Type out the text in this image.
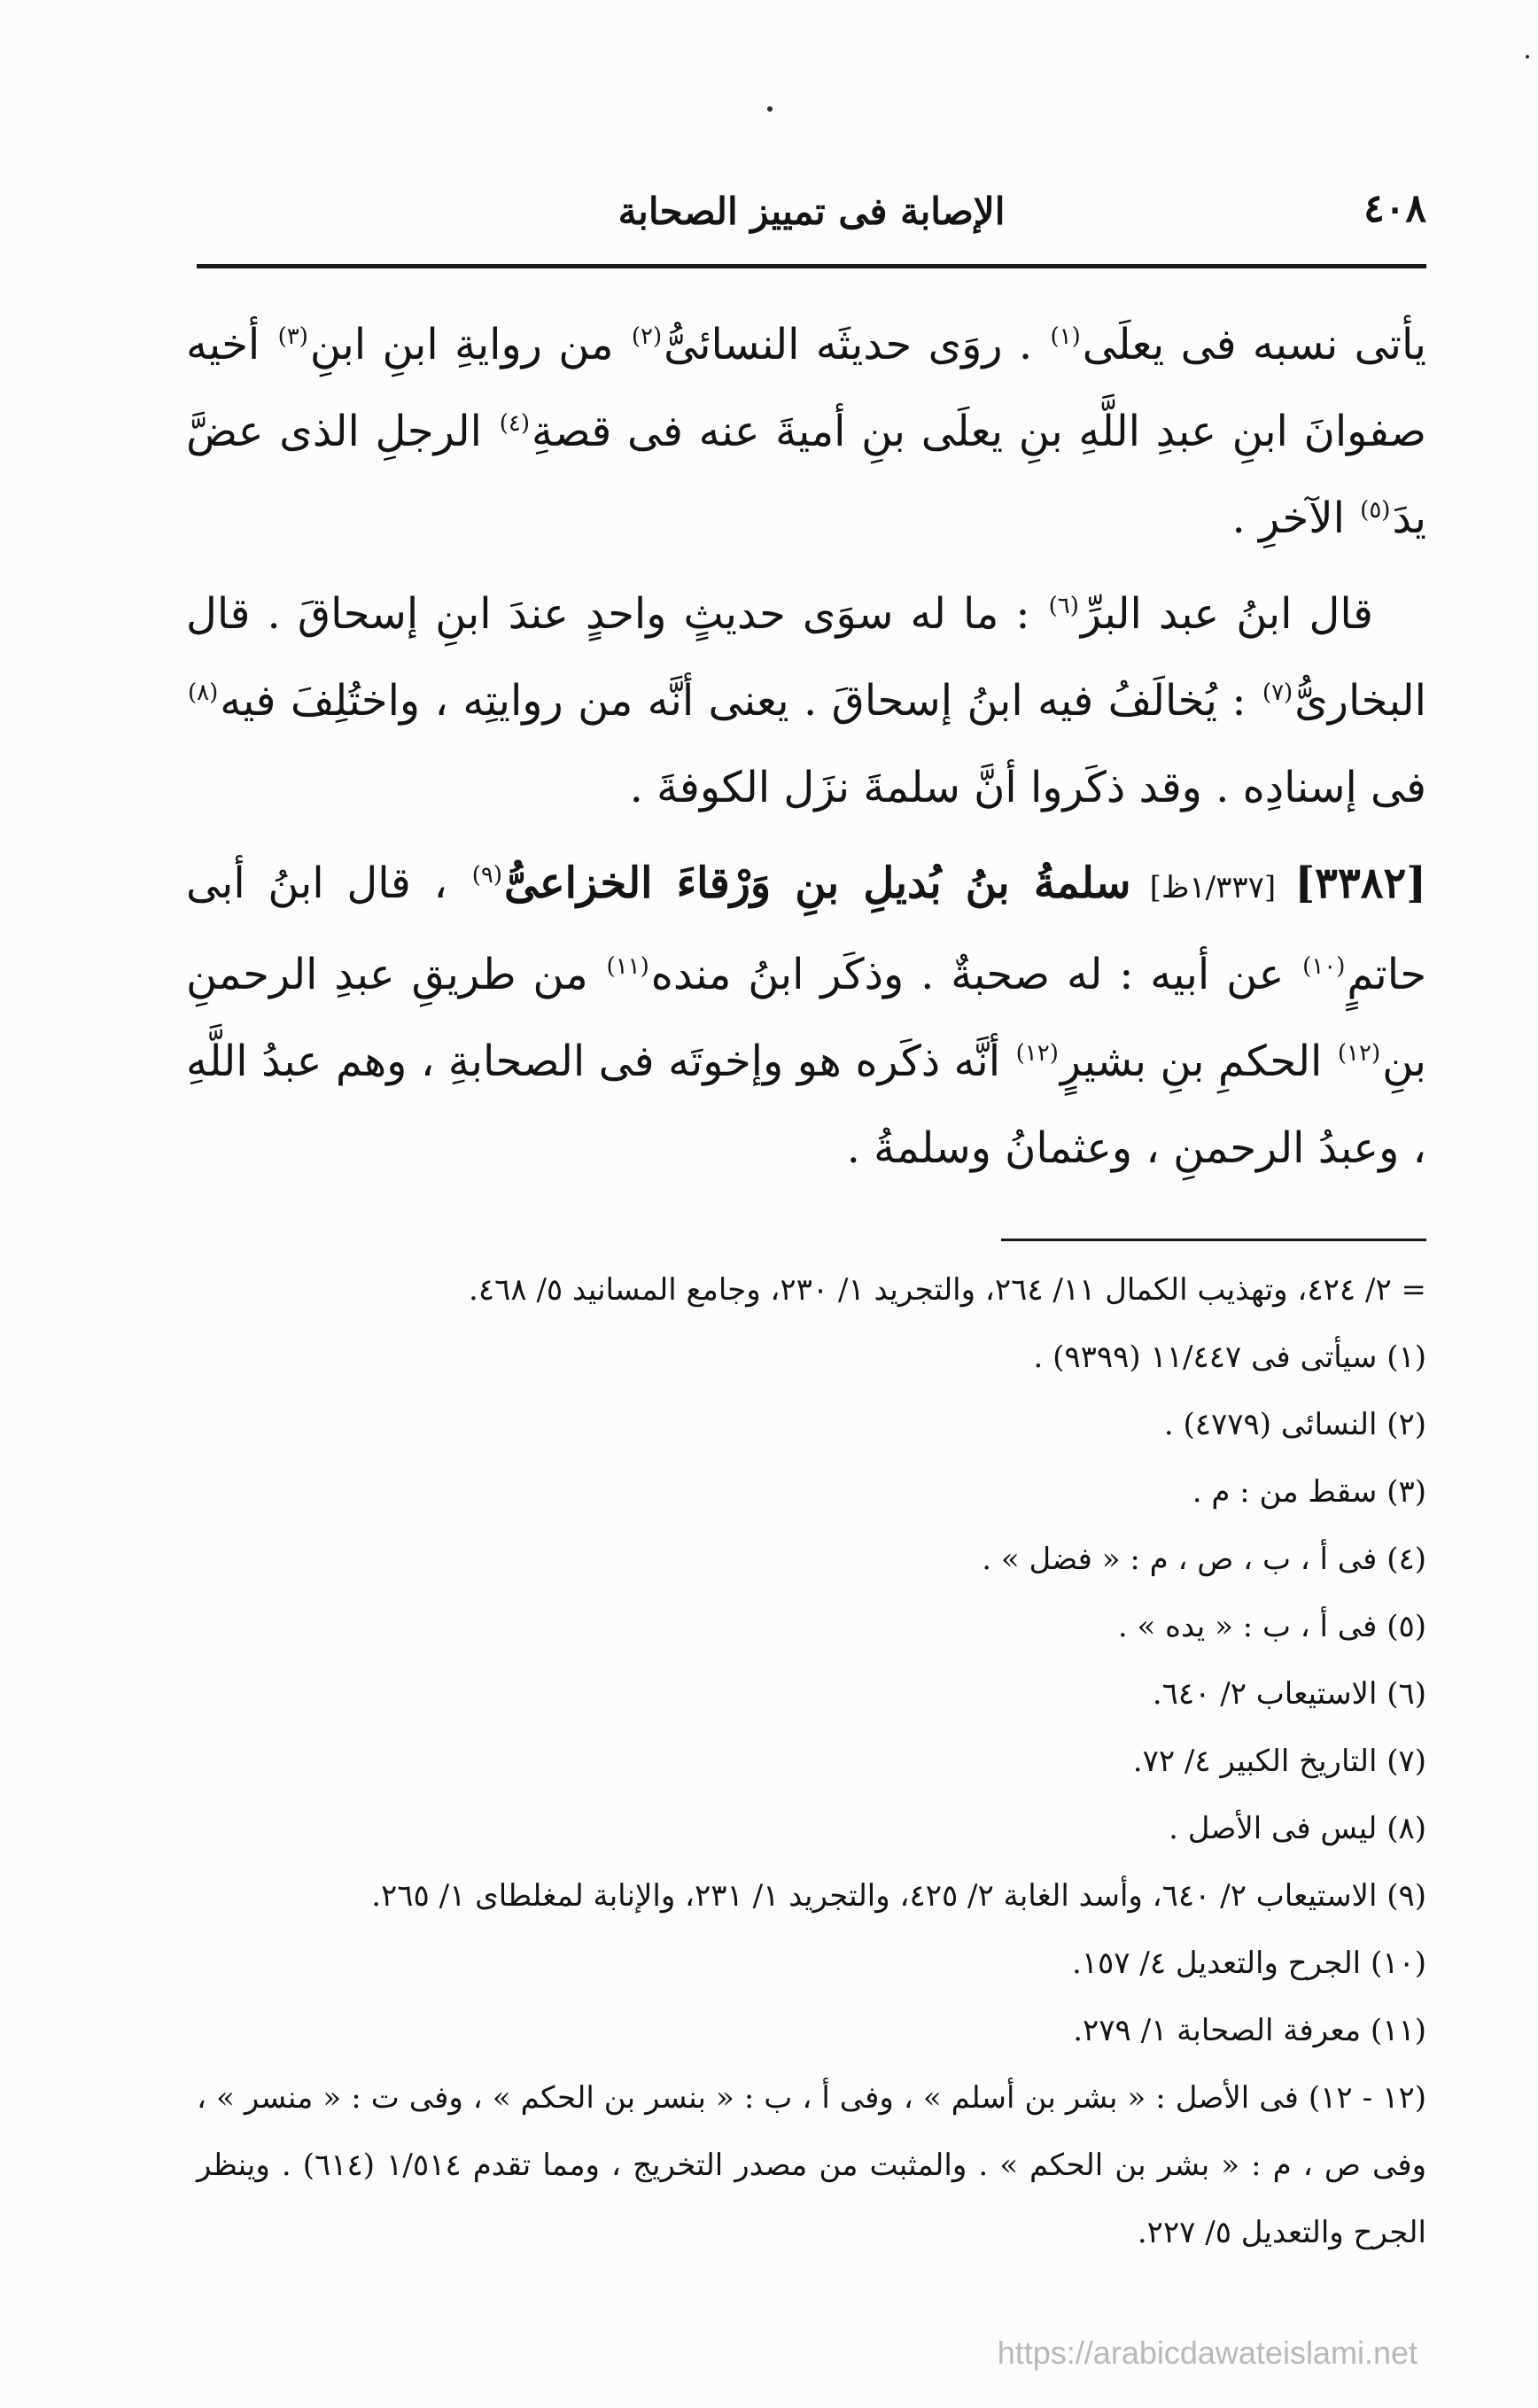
٤٠٨
الإصابة فى تمييز الصحابة

يأتى نسبه فى يعلَى$^{(١)}$ . روَى حديثَه النسائىُّ$^{(٢)}$ من روايةِ ابنِ ابنِ$^{(٣)}$ أخيه صفوانَ ابنِ عبدِ اللَّهِ بنِ يعلَى بنِ أميةَ عنه فى قصةِ$^{(٤)}$ الرجلِ الذى عضَّ يدَ$^{(٥)}$ الآخرِ .

قال ابنُ عبد البرِّ$^{(٦)}$ : ما له سوَى حديثٍ واحدٍ عندَ ابنِ إسحاقَ . قال البخارىُّ$^{(٧)}$ : يُخالَفُ فيه ابنُ إسحاقَ . يعنى أنَّه من روايتِه ، واختُلِفَ فيه$^{(٨)}$ فى إسنادِه . وقد ذكَروا أنَّ سلمةَ نزَل الكوفةَ .

[٣٣٨٢] [١/٣٣٧ظ] سلمةُ بنُ بُديلِ بنِ وَرْقاءَ الخزاعىُّ$^{(٩)}$ ، قال ابنُ أبى حاتمٍ$^{(١٠)}$ عن أبيه : له صحبةٌ . وذكَر ابنُ منده$^{(١١)}$ من طريقِ عبدِ الرحمنِ بنِ$^{(١٢)}$ الحكمِ بنِ بشيرٍ$^{(١٢)}$ أنَّه ذكَره هو وإخوتَه فى الصحابةِ ، وهم عبدُ اللَّهِ ، وعبدُ الرحمنِ ، وعثمانُ وسلمةُ .

= ٢/ ٤٢٤، وتهذيب الكمال ١١/ ٢٦٤، والتجريد ١/ ٢٣٠، وجامع المسانيد ٥/ ٤٦٨.

(١) سيأتى فى ١١/٤٤٧ (٩٣٩٩) .

(٢) النسائى (٤٧٧٩) .

(٣) سقط من : م .

(٤) فى أ ، ب ، ص ، م : « فضل » .

(٥) فى أ ، ب : « يده » .

(٦) الاستيعاب ٢/ ٦٤٠.

(٧) التاريخ الكبير ٤/ ٧٢.

(٨) ليس فى الأصل .

(٩) الاستيعاب ٢/ ٦٤٠، وأسد الغابة ٢/ ٤٢٥، والتجريد ١/ ٢٣١، والإنابة لمغلطاى ١/ ٢٦٥.

(١٠) الجرح والتعديل ٤/ ١٥٧.

(١١) معرفة الصحابة ١/ ٢٧٩.

(١٢ - ١٢) فى الأصل : « بشر بن أسلم » ، وفى أ ، ب : « بنسر بن الحكم » ، وفى ت : « منسر » ، وفى ص ، م : « بشر بن الحكم » . والمثبت من مصدر التخريج ، ومما تقدم ١/٥١٤ (٦١٤) . وينظر الجرح والتعديل ٥/ ٢٢٧.

https://arabicdawateislami.net
